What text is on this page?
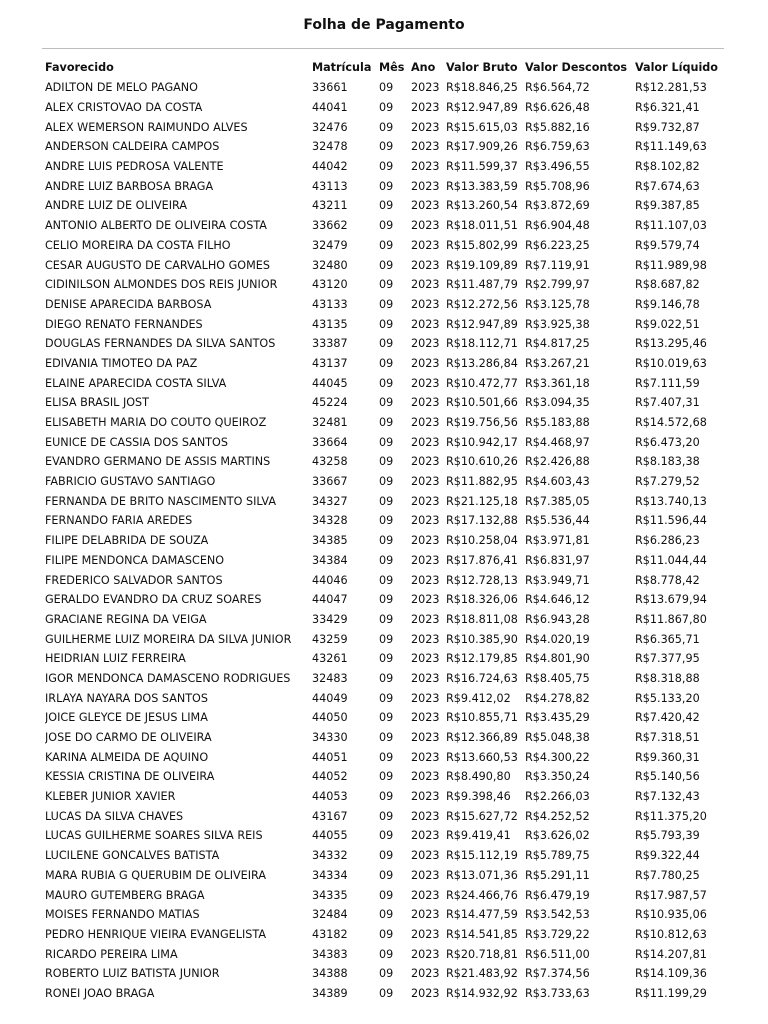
Folha de Pagamento
	Favorecido	Matrícula	Mês	Ano	Valor Bruto	Valor Descontos	Valor Líquido
	ADILTON DE MELO PAGANO	33661	09	2023	R$18.846,25	R$6.564,72	R$12.281,53
	ALEX CRISTOVAO DA COSTA	44041	09	2023	R$12.947,89	R$6.626,48	R$6.321,41
	ALEX WEMERSON RAIMUNDO ALVES	32476	09	2023	R$15.615,03	R$5.882,16	R$9.732,87
	ANDERSON CALDEIRA CAMPOS	32478	09	2023	R$17.909,26	R$6.759,63	R$11.149,63
	ANDRE LUIS PEDROSA VALENTE	44042	09	2023	R$11.599,37	R$3.496,55	R$8.102,82
	ANDRE LUIZ BARBOSA BRAGA	43113	09	2023	R$13.383,59	R$5.708,96	R$7.674,63
	ANDRE LUIZ DE OLIVEIRA	43211	09	2023	R$13.260,54	R$3.872,69	R$9.387,85
	ANTONIO ALBERTO DE OLIVEIRA COSTA	33662	09	2023	R$18.011,51	R$6.904,48	R$11.107,03
	CELIO MOREIRA DA COSTA FILHO	32479	09	2023	R$15.802,99	R$6.223,25	R$9.579,74
	CESAR AUGUSTO DE CARVALHO GOMES	32480	09	2023	R$19.109,89	R$7.119,91	R$11.989,98
	CIDINILSON ALMONDES DOS REIS JUNIOR	43120	09	2023	R$11.487,79	R$2.799,97	R$8.687,82
	DENISE APARECIDA BARBOSA	43133	09	2023	R$12.272,56	R$3.125,78	R$9.146,78
	DIEGO RENATO FERNANDES	43135	09	2023	R$12.947,89	R$3.925,38	R$9.022,51
	DOUGLAS FERNANDES DA SILVA SANTOS	33387	09	2023	R$18.112,71	R$4.817,25	R$13.295,46
	EDIVANIA TIMOTEO DA PAZ	43137	09	2023	R$13.286,84	R$3.267,21	R$10.019,63
	ELAINE APARECIDA COSTA SILVA	44045	09	2023	R$10.472,77	R$3.361,18	R$7.111,59
	ELISA BRASIL JOST	45224	09	2023	R$10.501,66	R$3.094,35	R$7.407,31
	ELISABETH MARIA DO COUTO QUEIROZ	32481	09	2023	R$19.756,56	R$5.183,88	R$14.572,68
	EUNICE DE CASSIA DOS SANTOS	33664	09	2023	R$10.942,17	R$4.468,97	R$6.473,20
	EVANDRO GERMANO DE ASSIS MARTINS	43258	09	2023	R$10.610,26	R$2.426,88	R$8.183,38
	FABRICIO GUSTAVO SANTIAGO	33667	09	2023	R$11.882,95	R$4.603,43	R$7.279,52
	FERNANDA DE BRITO NASCIMENTO SILVA	34327	09	2023	R$21.125,18	R$7.385,05	R$13.740,13
	FERNANDO FARIA AREDES	34328	09	2023	R$17.132,88	R$5.536,44	R$11.596,44
	FILIPE DELABRIDA DE SOUZA	34385	09	2023	R$10.258,04	R$3.971,81	R$6.286,23
	FILIPE MENDONCA DAMASCENO	34384	09	2023	R$17.876,41	R$6.831,97	R$11.044,44
	FREDERICO SALVADOR SANTOS	44046	09	2023	R$12.728,13	R$3.949,71	R$8.778,42
	GERALDO EVANDRO DA CRUZ SOARES	44047	09	2023	R$18.326,06	R$4.646,12	R$13.679,94
	GRACIANE REGINA DA VEIGA	33429	09	2023	R$18.811,08	R$6.943,28	R$11.867,80
	GUILHERME LUIZ MOREIRA DA SILVA JUNIOR	43259	09	2023	R$10.385,90	R$4.020,19	R$6.365,71
	HEIDRIAN LUIZ FERREIRA	43261	09	2023	R$12.179,85	R$4.801,90	R$7.377,95
	IGOR MENDONCA DAMASCENO RODRIGUES	32483	09	2023	R$16.724,63	R$8.405,75	R$8.318,88
	IRLAYA NAYARA DOS SANTOS	44049	09	2023	R$9.412,02	R$4.278,82	R$5.133,20
	JOICE GLEYCE DE JESUS LIMA	44050	09	2023	R$10.855,71	R$3.435,29	R$7.420,42
	JOSE DO CARMO DE OLIVEIRA	34330	09	2023	R$12.366,89	R$5.048,38	R$7.318,51
	KARINA ALMEIDA DE AQUINO	44051	09	2023	R$13.660,53	R$4.300,22	R$9.360,31
	KESSIA CRISTINA DE OLIVEIRA	44052	09	2023	R$8.490,80	R$3.350,24	R$5.140,56
	KLEBER JUNIOR XAVIER	44053	09	2023	R$9.398,46	R$2.266,03	R$7.132,43
	LUCAS DA SILVA CHAVES	43167	09	2023	R$15.627,72	R$4.252,52	R$11.375,20
	LUCAS GUILHERME SOARES SILVA REIS	44055	09	2023	R$9.419,41	R$3.626,02	R$5.793,39
	LUCILENE GONCALVES BATISTA	34332	09	2023	R$15.112,19	R$5.789,75	R$9.322,44
	MARA RUBIA G QUERUBIM DE OLIVEIRA	34334	09	2023	R$13.071,36	R$5.291,11	R$7.780,25
	MAURO GUTEMBERG BRAGA	34335	09	2023	R$24.466,76	R$6.479,19	R$17.987,57
	MOISES FERNANDO MATIAS	32484	09	2023	R$14.477,59	R$3.542,53	R$10.935,06
	PEDRO HENRIQUE VIEIRA EVANGELISTA	43182	09	2023	R$14.541,85	R$3.729,22	R$10.812,63
	RICARDO PEREIRA LIMA	34383	09	2023	R$20.718,81	R$6.511,00	R$14.207,81
	ROBERTO LUIZ BATISTA JUNIOR	34388	09	2023	R$21.483,92	R$7.374,56	R$14.109,36
	RONEI JOAO BRAGA	34389	09	2023	R$14.932,92	R$3.733,63	R$11.199,29
